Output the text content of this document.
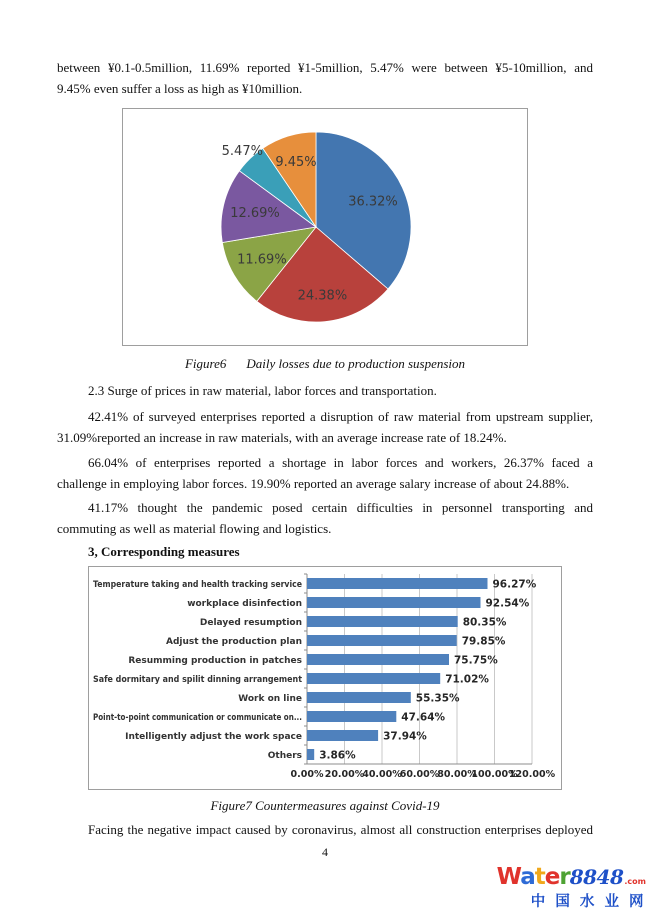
between ¥0.1-0.5million, 11.69% reported ¥1-5million, 5.47% were between ¥5-10million, and
9.45% even suffer a loss as high as ¥10million.
36.32%
24.38%
11.69%
12.69%
5.47%
9.45%
Figure6 Daily losses due to production suspension
2.3 Surge of prices in raw material, labor forces and transportation.
42.41% of surveyed enterprises reported a disruption of raw material from upstream supplier,
31.09%reported an increase in raw materials, with an average increase rate of 18.24%.
66.04% of enterprises reported a shortage in labor forces and workers, 26.37% faced a
challenge in employing labor forces. 19.90% reported an average salary increase of about 24.88%.
41.17% thought the pandemic posed certain difficulties in personnel transporting and
commuting as well as material flowing and logistics.
3, Corresponding measures
96.27%
Temperature taking and health tracking service
92.54%
workplace disinfection
80.35%
Delayed resumption
79.85%
Adjust the production plan
75.75%
Resumming production in patches
71.02%
Safe dormitary and spilit dinning arrangement
55.35%
Work on line
47.64%
Point-to-point communication or communicate on...
37.94%
Intelligently adjust the work space
3.86%
Others
0.00% 20.00%
40.00%
60.00%
80.00%
100.00%
120.00%
Figure7 Countermeasures against Covid-19
Facing the negative impact caused by coronavirus, almost all construction enterprises deployed
4
Water 8848 .com
中 国 水 业 网
